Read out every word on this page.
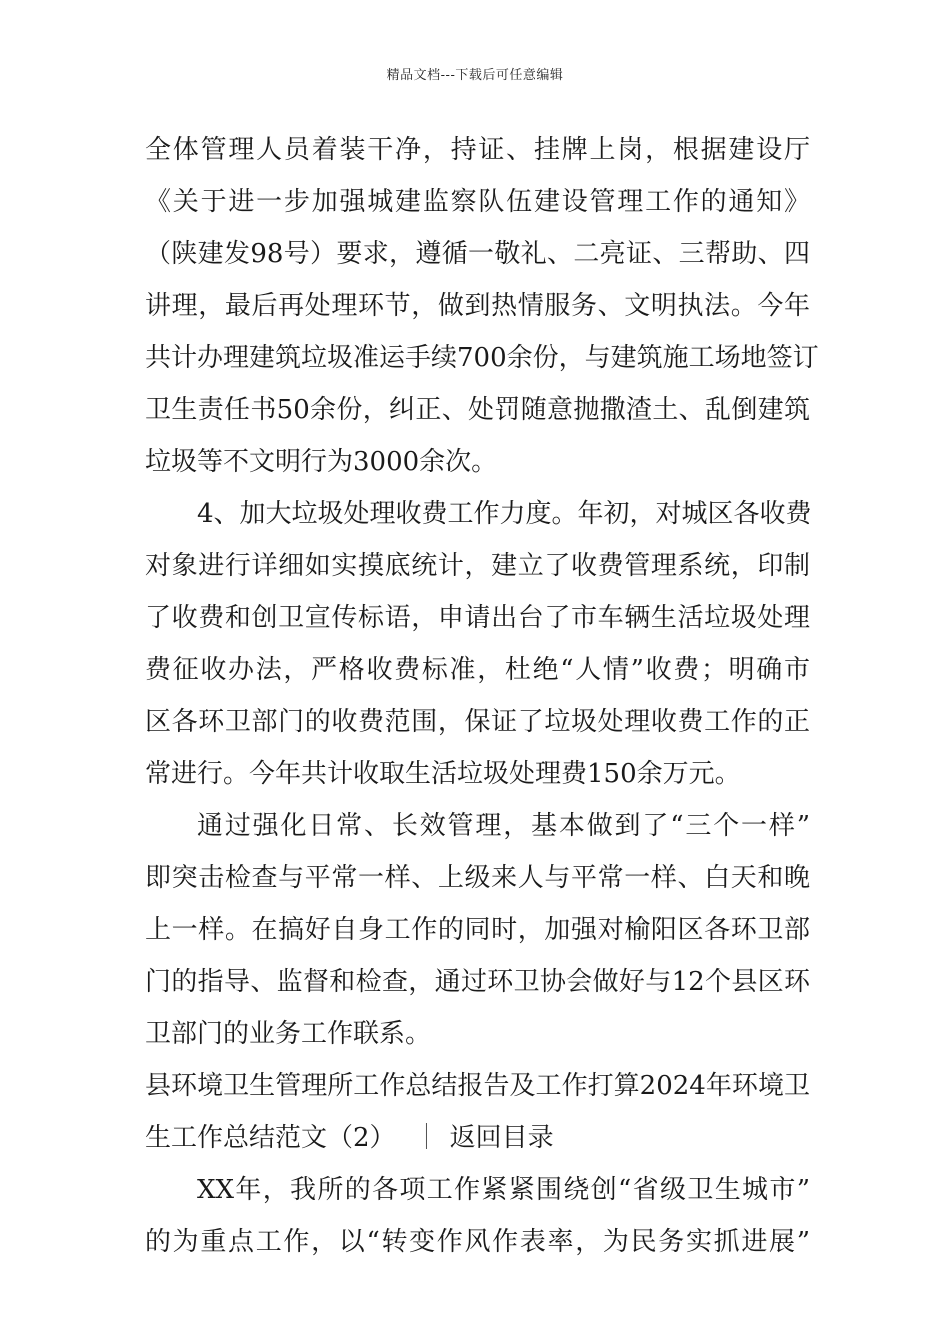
精品文档---下载后可任意编辑
全体管理人员着装干净，持证、挂牌上岗，根据建设厅
《关于进一步加强城建监察队伍建设管理工作的通知》
（陕建发98号）要求，遵循一敬礼、二亮证、三帮助、四
讲理，最后再处理环节，做到热情服务、文明执法。今年
共计办理建筑垃圾准运手续700余份，与建筑施工场地签订
卫生责任书50余份，纠正、处罚随意抛撒渣土、乱倒建筑
垃圾等不文明行为3000余次。
4、加大垃圾处理收费工作力度。年初，对城区各收费
对象进行详细如实摸底统计，建立了收费管理系统，印制
了收费和创卫宣传标语，申请出台了市车辆生活垃圾处理
费征收办法，严格收费标准，杜绝“人情”收费；明确市
区各环卫部门的收费范围，保证了垃圾处理收费工作的正
常进行。今年共计收取生活垃圾处理费150余万元。
通过强化日常、长效管理，基本做到了“三个一样”
即突击检查与平常一样、上级来人与平常一样、白天和晚
上一样。在搞好自身工作的同时，加强对榆阳区各环卫部
门的指导、监督和检查，通过环卫协会做好与12个县区环
卫部门的业务工作联系。
县环境卫生管理所工作总结报告及工作打算2024年环境卫
生工作总结范文（2） ｜ 返回目录
XX年，我所的各项工作紧紧围绕创“省级卫生城市”
的为重点工作，以“转变作风作表率，为民务实抓进展”
